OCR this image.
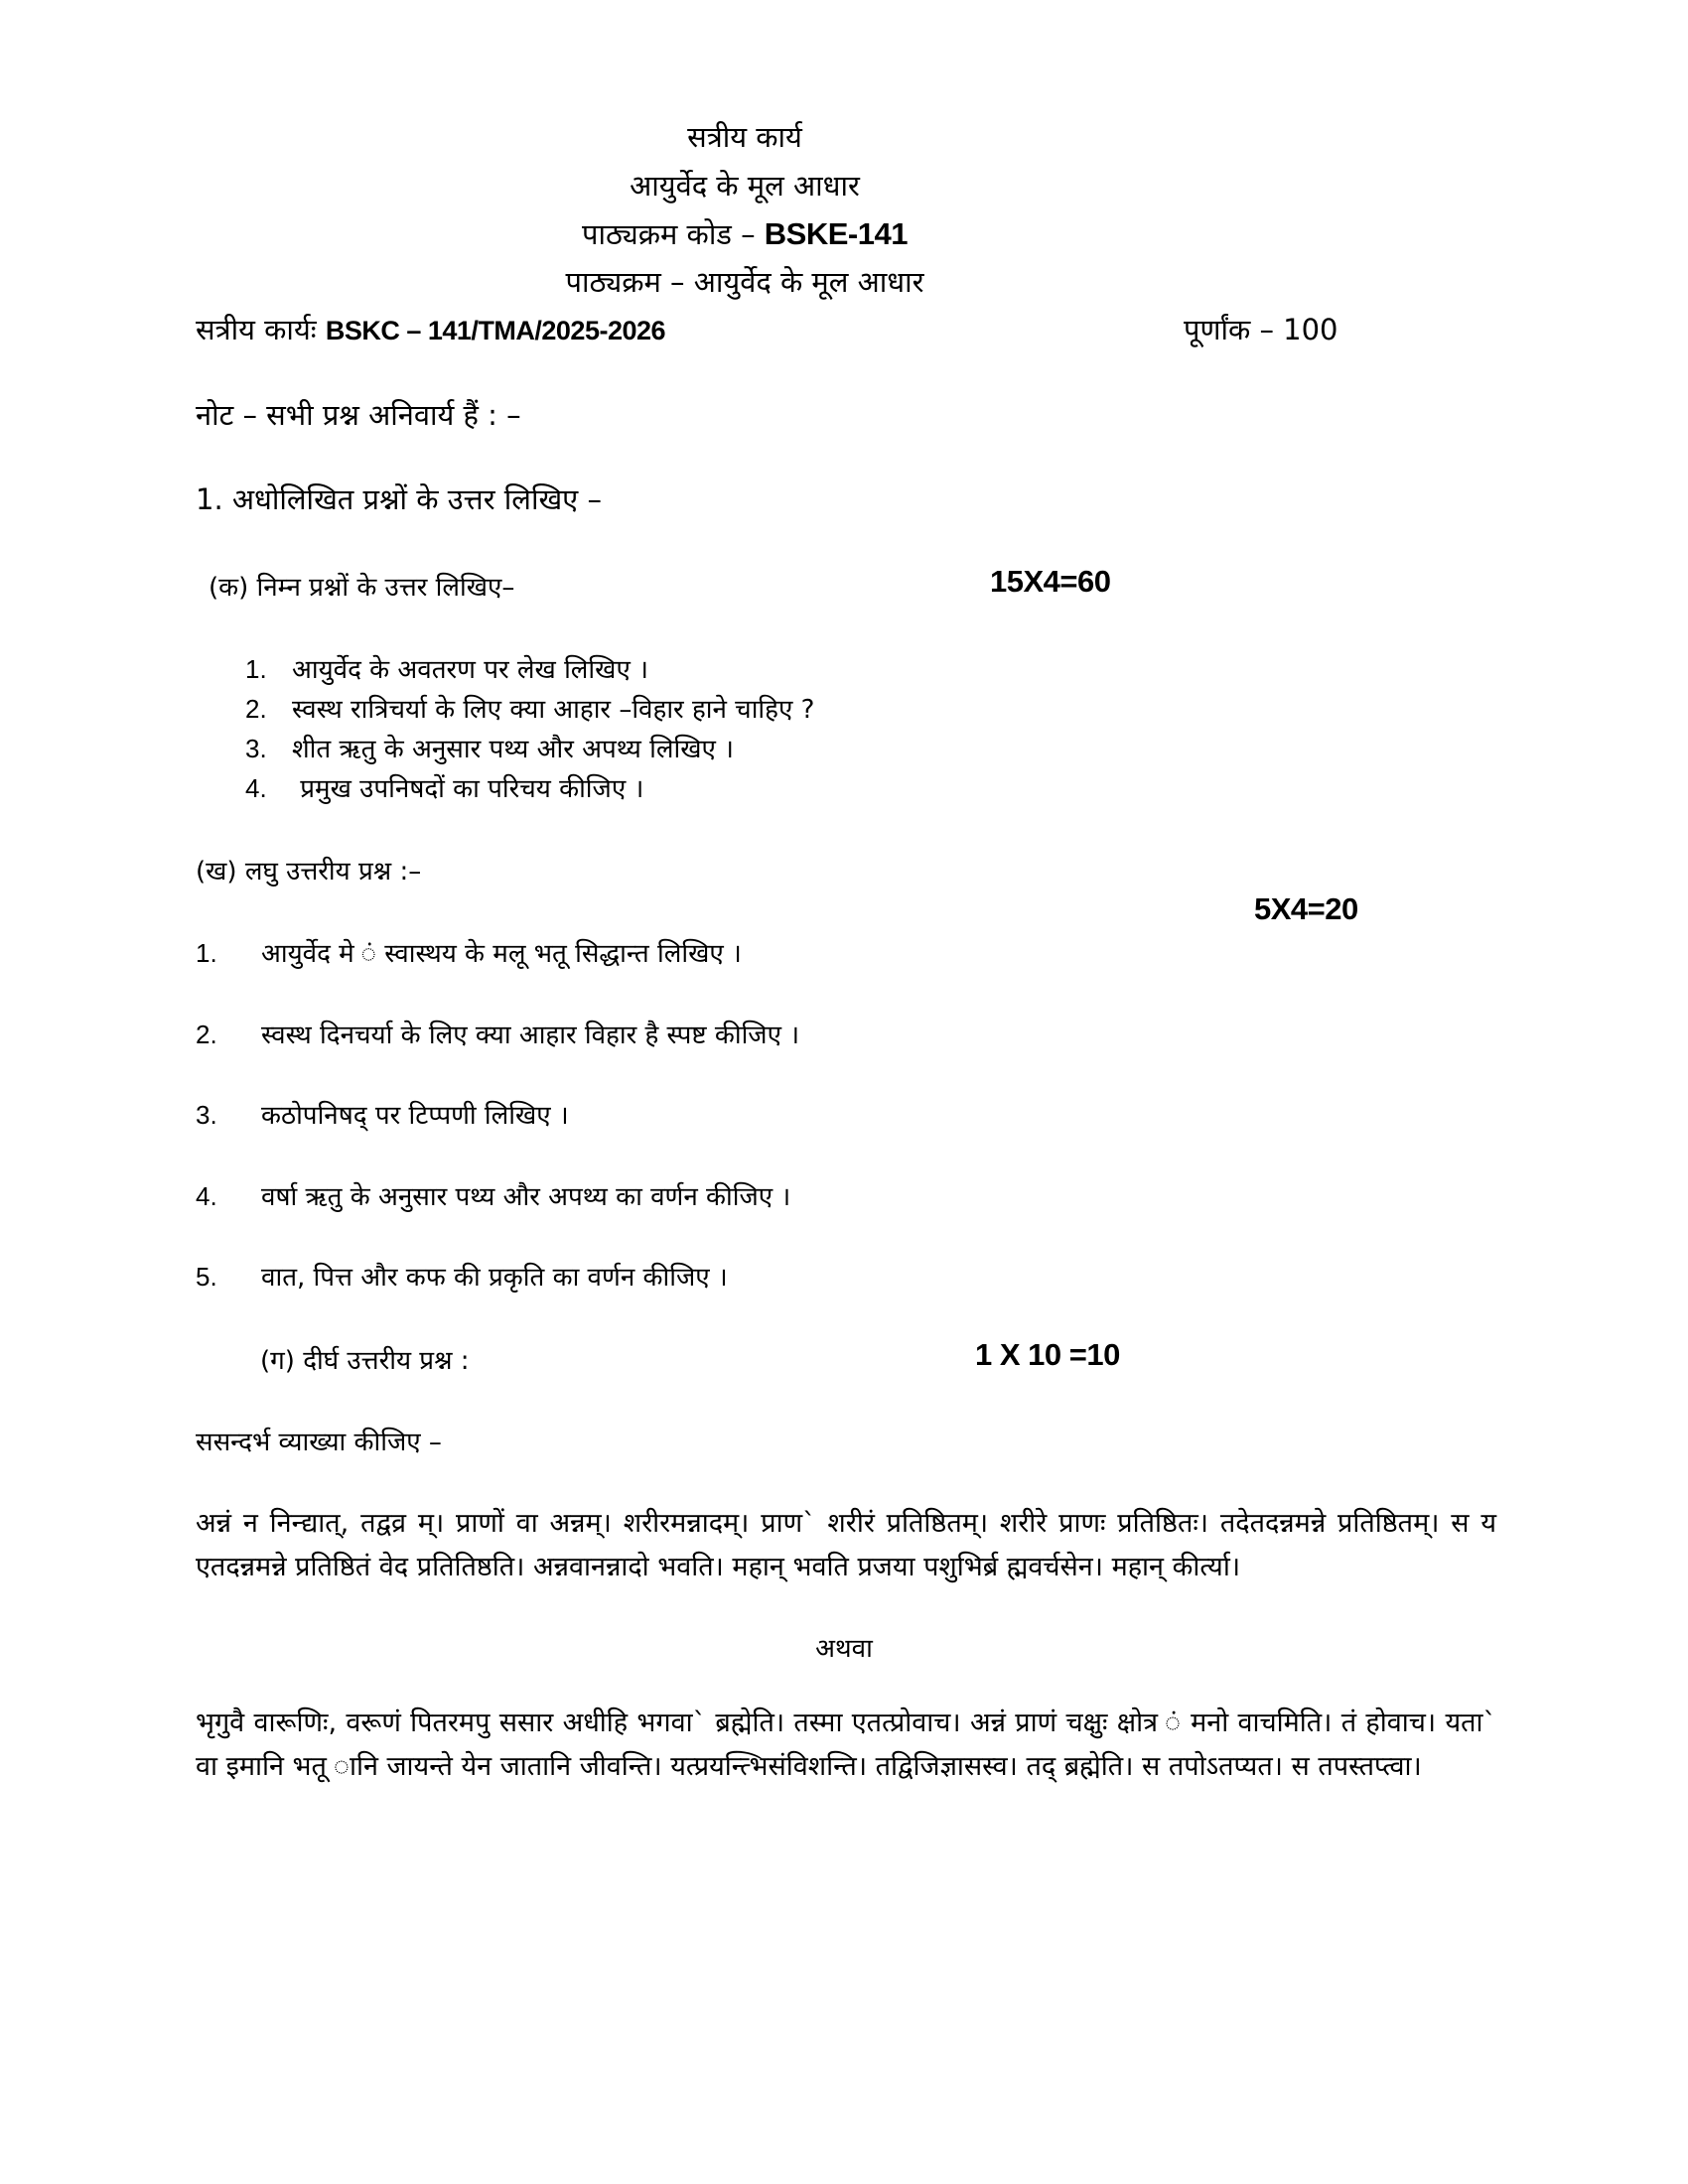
सत्रीय कार्य
आयुर्वेद के मूल आधार
पाठ्यक्रम कोड – BSKE-141
पाठ्यक्रम – आयुर्वेद के मूल आधार
सत्रीय कार्यः BSKC – 141/TMA/2025-2026	पूर्णांक – 100
नोट – सभी प्रश्न अनिवार्य हैं : –
1. अधोलिखित प्रश्नों के उत्तर लिखिए –
(क) निम्न प्रश्नों के उत्तर लिखिए–	15X4=60
1. आयुर्वेद के अवतरण पर लेख लिखिए ।
2. स्वस्थ रात्रिचर्या के लिए क्या आहार –विहार हाने चाहिए ?
3. शीत ऋतु के अनुसार पथ्य और अपथ्य लिखिए ।
4. प्रमुख उपनिषदों का परिचय कीजिए ।
(ख) लघु उत्तरीय प्रश्न :–
5X4=20
1. आयुर्वेद मे ं स्वास्थय के मलू भतू सिद्धान्त लिखिए ।
2. स्वस्थ दिनचर्या के लिए क्या आहार विहार है स्पष्ट कीजिए ।
3. कठोपनिषद् पर टिप्पणी लिखिए ।
4. वर्षा ऋतु के अनुसार पथ्य और अपथ्य का वर्णन कीजिए ।
5. वात, पित्त और कफ की प्रकृति का वर्णन कीजिए ।
(ग) दीर्घ उत्तरीय प्रश्न :	1 X 10 =10
ससन्दर्भ व्याख्या कीजिए –
अन्नं न निन्द्यात्, तद्वव्र म्। प्राणों वा अन्नम्। शरीरमन्नादम्। प्राण` शरीरं प्रतिष्ठितम्। शरीरे प्राणः प्रतिष्ठितः। तदेतदन्नमन्ने प्रतिष्ठितम्। स य एतदन्नमन्ने प्रतिष्ठितं वेद प्रतितिष्ठति। अन्नवानन्नादो भवति। महान् भवति प्रजया पशुभिर्ब्र ह्मवर्चसेन। महान् कीर्त्या।
अथवा
भृगुवै वारूणिः, वरूणं पितरमपु ससार अधीहि भगवा` ब्रह्मेति। तस्मा एतत्प्रोवाच। अन्नं प्राणं चक्षुः क्षोत्र ं मनो वाचमिति। तं होवाच। यता` वा इमानि भतू ानि जायन्ते येन जातानि जीवन्ति। यत्प्रयन्त्भिसंविशन्ति। तद्विजिज्ञासस्व। तद् ब्रह्मेति। स तपोऽतप्यत। स तपस्तप्त्वा।
